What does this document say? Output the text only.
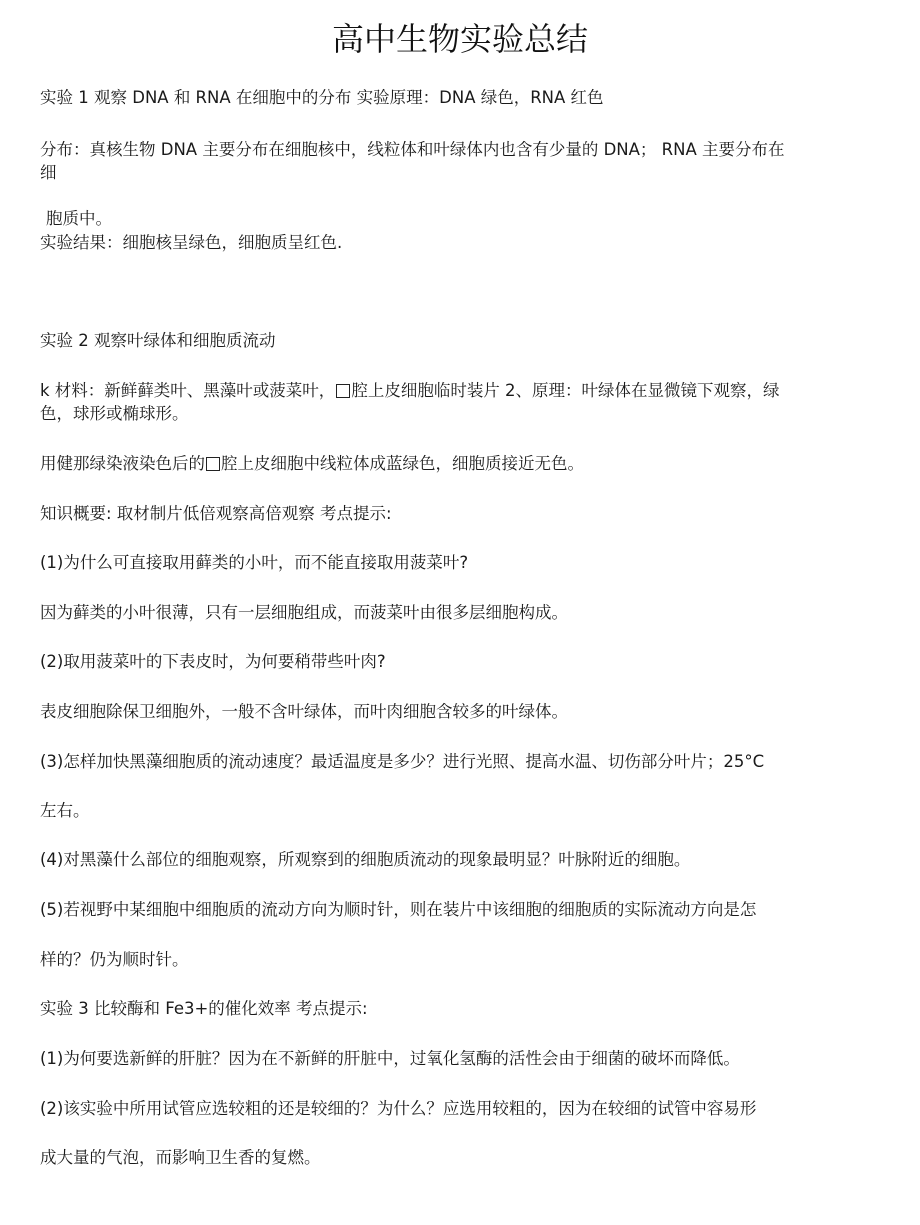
高中生物实验总结

实验 1 观察 DNA 和 RNA 在细胞中的分布 实验原理：DNA 绿色，RNA 红色

分布：真核生物 DNA 主要分布在细胞核中，线粒体和叶绿体内也含有少量的 DNA； RNA 主要分布在

细

胞质中。

实验结果：细胞核呈绿色，细胞质呈红色.

实验 2 观察叶绿体和细胞质流动

k 材料：新鲜藓类叶、黑藻叶或菠菜叶， 腔上皮细胞临时装片 2、原理：叶绿体在显微镜下观察，绿

色，球形或椭球形。

用健那绿染液染色后的 腔上皮细胞中线粒体成蓝绿色，细胞质接近无色。

知识概要: 取材制片低倍观察高倍观察 考点提示:

(1)为什么可直接取用藓类的小叶，而不能直接取用菠菜叶?

因为藓类的小叶很薄，只有一层细胞组成，而菠菜叶由很多层细胞构成。

(2)取用菠菜叶的下表皮时，为何要稍带些叶肉?

表皮细胞除保卫细胞外，一般不含叶绿体，而叶肉细胞含较多的叶绿体。

(3)怎样加快黑藻细胞质的流动速度？最适温度是多少？进行光照、提高水温、切伤部分叶片；25°C

左右。

(4)对黑藻什么部位的细胞观察，所观察到的细胞质流动的现象最明显？叶脉附近的细胞。

(5)若视野中某细胞中细胞质的流动方向为顺时针，则在装片中该细胞的细胞质的实际流动方向是怎

样的？仍为顺时针。

实验 3 比较酶和 Fe3+的催化效率 考点提示:

(1)为何要选新鲜的肝脏？因为在不新鲜的肝脏中，过氧化氢酶的活性会由于细菌的破坏而降低。

(2)该实验中所用试管应选较粗的还是较细的？为什么？应选用较粗的，因为在较细的试管中容易形

成大量的气泡，而影响卫生香的复燃。
